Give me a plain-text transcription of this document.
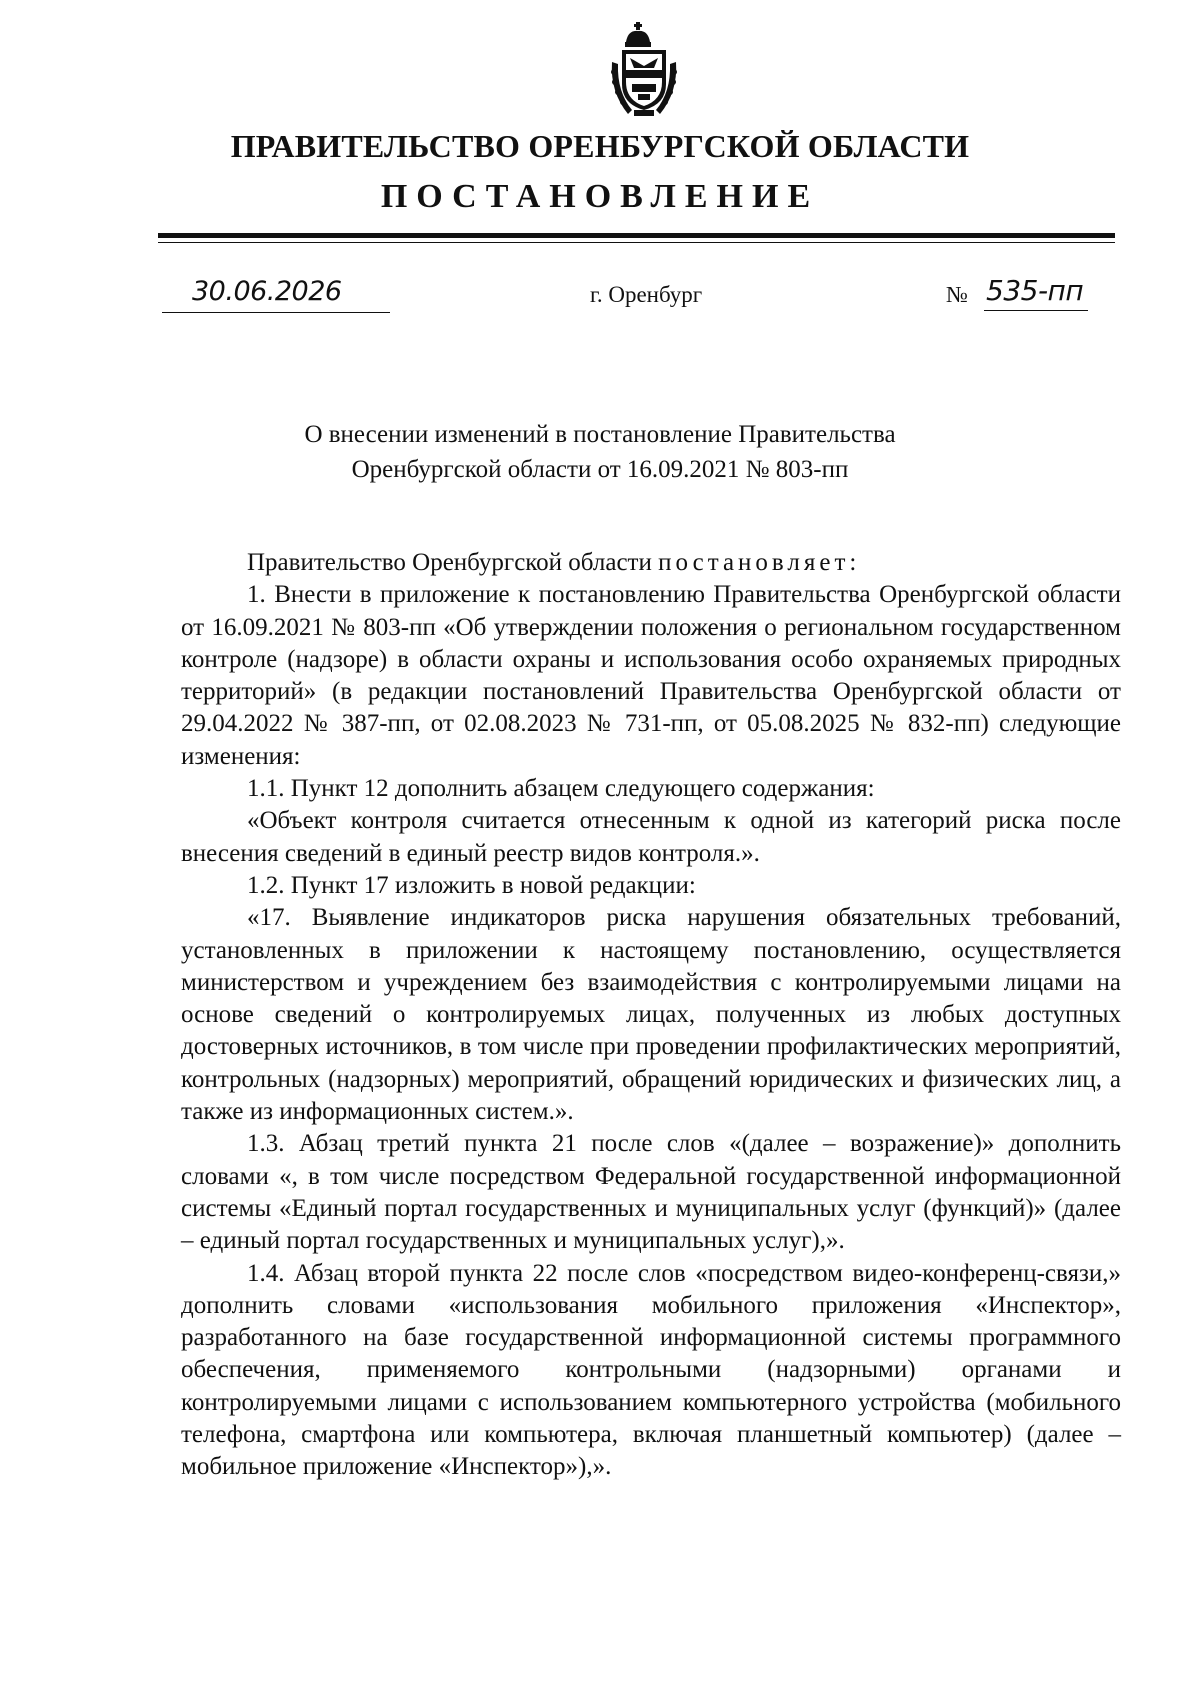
ПРАВИТЕЛЬСТВО ОРЕНБУРГСКОЙ ОБЛАСТИ
ПОСТАНОВЛЕНИЕ
30.06.2026	г. Оренбург	№ 535-пп
О внесении изменений в постановление Правительства
Оренбургской области от 16.09.2021 № 803-пп

Правительство Оренбургской области постановляет:

1. Внести в приложение к постановлению Правительства Оренбургской области от 16.09.2021 № 803-пп «Об утверждении положения о региональном государственном контроле (надзоре) в области охраны и использования особо охраняемых природных территорий» (в редакции постановлений Правительства Оренбургской области от 29.04.2022 № 387-пп, от 02.08.2023 № 731-пп, от 05.08.2025 № 832-пп) следующие изменения:

1.1. Пункт 12 дополнить абзацем следующего содержания:

«Объект контроля считается отнесенным к одной из категорий риска после внесения сведений в единый реестр видов контроля.».

1.2. Пункт 17 изложить в новой редакции:

«17. Выявление индикаторов риска нарушения обязательных требований, установленных в приложении к настоящему постановлению, осуществляется министерством и учреждением без взаимодействия с контролируемыми лицами на основе сведений о контролируемых лицах, полученных из любых доступных достоверных источников, в том числе при проведении профилактических мероприятий, контрольных (надзорных) мероприятий, обращений юридических и физических лиц, а также из информационных систем.».

1.3. Абзац третий пункта 21 после слов «(далее – возражение)» дополнить словами «, в том числе посредством Федеральной государственной информационной системы «Единый портал государственных и муниципальных услуг (функций)» (далее – единый портал государственных и муниципальных услуг),».

1.4. Абзац второй пункта 22 после слов «посредством видео-конференц-связи,» дополнить словами «использования мобильного приложения «Инспектор», разработанного на базе государственной информационной системы программного обеспечения, применяемого контрольными (надзорными) органами и контролируемыми лицами с использованием компьютерного устройства (мобильного телефона, смартфона или компьютера, включая планшетный компьютер) (далее – мобильное приложение «Инспектор»),».
